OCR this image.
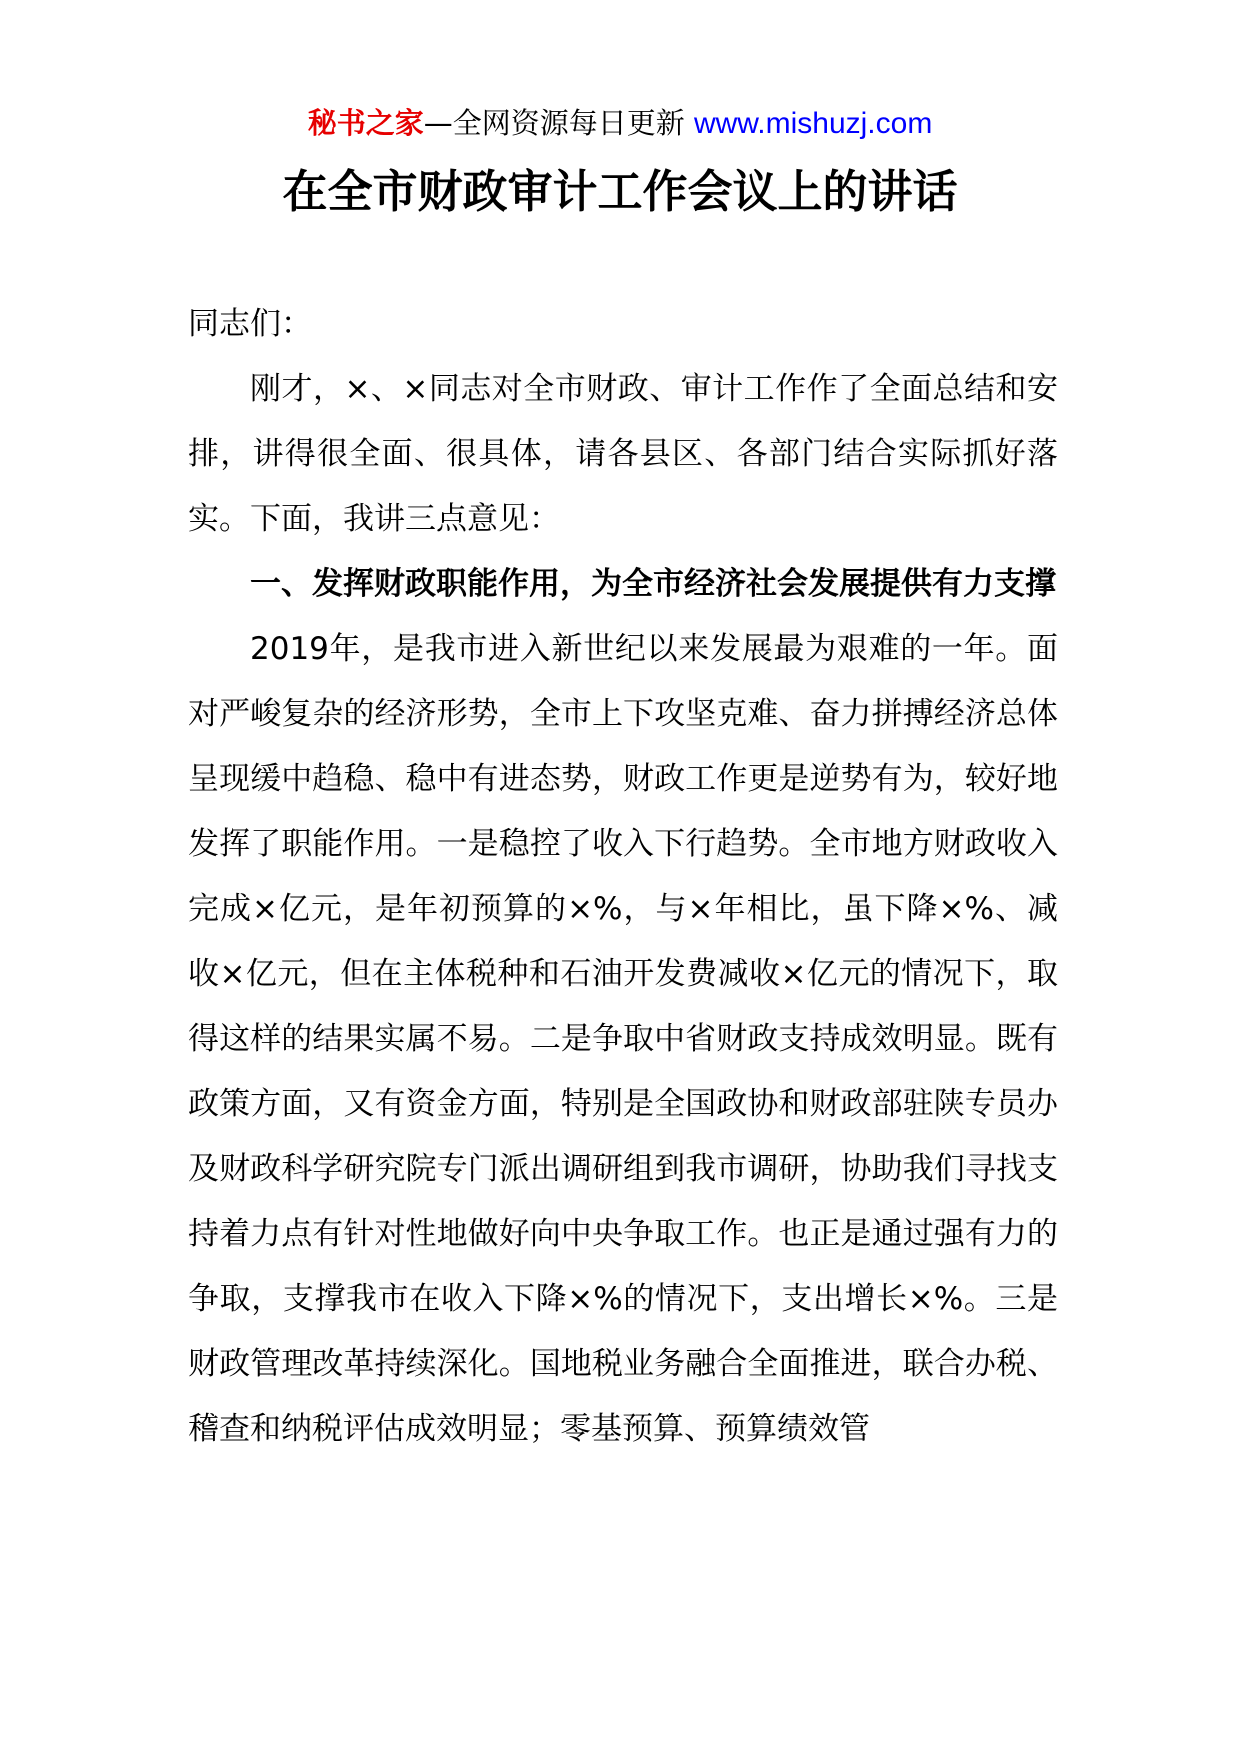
秘书之家—全网资源每日更新 www.mishuzj.com
在全市财政审计工作会议上的讲话

同志们：

刚才，×、×同志对全市财政、审计工作作了全面总结和安排，讲得很全面、很具体，请各县区、各部门结合实际抓好落实。下面，我讲三点意见：

一、发挥财政职能作用，为全市经济社会发展提供有力支撑

2019年，是我市进入新世纪以来发展最为艰难的一年。面对严峻复杂的经济形势，全市上下攻坚克难、奋力拼搏经济总体呈现缓中趋稳、稳中有进态势，财政工作更是逆势有为，较好地发挥了职能作用。一是稳控了收入下行趋势。全市地方财政收入完成×亿元，是年初预算的×%，与×年相比，虽下降×%、减收×亿元，但在主体税种和石油开发费减收×亿元的情况下，取得这样的结果实属不易。二是争取中省财政支持成效明显。既有政策方面，又有资金方面，特别是全国政协和财政部驻陕专员办及财政科学研究院专门派出调研组到我市调研，协助我们寻找支持着力点有针对性地做好向中央争取工作。也正是通过强有力的争取，支撑我市在收入下降×%的情况下，支出增长×%。三是财政管理改革持续深化。国地税业务融合全面推进，联合办税、稽查和纳税评估成效明显；零基预算、预算绩效管
